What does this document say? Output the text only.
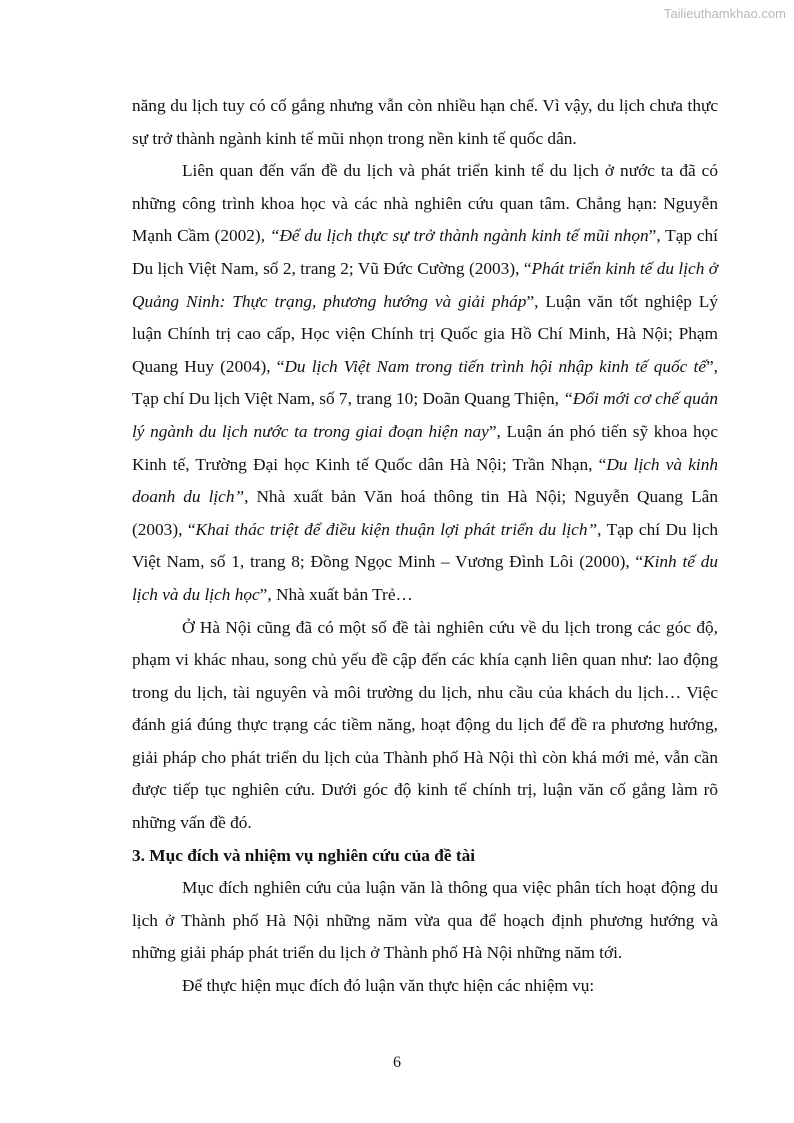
Tailieuthamkhao.com

năng du lịch tuy có cố gắng nhưng vẫn còn nhiều hạn chế. Vì vậy, du lịch chưa thực sự trở thành ngành kinh tế mũi nhọn trong nền kinh tế quốc dân.

Liên quan đến vấn đề du lịch và phát triển kinh tế du lịch ở nước ta đã có những công trình khoa học và các nhà nghiên cứu quan tâm. Chẳng hạn: Nguyễn Mạnh Cầm (2002), “Để du lịch thực sự trở thành ngành kinh tế mũi nhọn”, Tạp chí Du lịch Việt Nam, số 2, trang 2; Vũ Đức Cường (2003), “Phát triển kinh tế du lịch ở Quảng Ninh: Thực trạng, phương hướng và giải pháp”, Luận văn tốt nghiệp Lý luận Chính trị cao cấp, Học viện Chính trị Quốc gia Hồ Chí Minh, Hà Nội; Phạm Quang Huy (2004), “Du lịch Việt Nam trong tiến trình hội nhập kinh tế quốc tế”, Tạp chí Du lịch Việt Nam, số 7, trang 10; Doãn Quang Thiện, “Đổi mới cơ chế quản lý ngành du lịch nước ta trong giai đoạn hiện nay”, Luận án phó tiến sỹ khoa học Kinh tế, Trường Đại học Kinh tế Quốc dân Hà Nội; Trần Nhạn, “Du lịch và kinh doanh du lịch”, Nhà xuất bản Văn hoá thông tin Hà Nội; Nguyễn Quang Lân (2003), “Khai thác triệt để điều kiện thuận lợi phát triển du lịch”, Tạp chí Du lịch Việt Nam, số 1, trang 8; Đồng Ngọc Minh – Vương Đình Lôi (2000), “Kinh tế du lịch và du lịch học”, Nhà xuất bản Trẻ…

Ở Hà Nội cũng đã có một số đề tài nghiên cứu về du lịch trong các góc độ, phạm vi khác nhau, song chủ yếu đề cập đến các khía cạnh liên quan như: lao động trong du lịch, tài nguyên và môi trường du lịch, nhu cầu của khách du lịch… Việc đánh giá đúng thực trạng các tiềm năng, hoạt động du lịch để đề ra phương hướng, giải pháp cho phát triển du lịch của Thành phố Hà Nội thì còn khá mới mẻ, vẫn cần được tiếp tục nghiên cứu. Dưới góc độ kinh tế chính trị, luận văn cố gắng làm rõ những vấn đề đó.

3. Mục đích và nhiệm vụ nghiên cứu của đề tài

Mục đích nghiên cứu của luận văn là thông qua việc phân tích hoạt động du lịch ở Thành phố Hà Nội những năm vừa qua để hoạch định phương hướng và những giải pháp phát triển du lịch ở Thành phố Hà Nội những năm tới.

Để thực hiện mục đích đó luận văn thực hiện các nhiệm vụ:

6
